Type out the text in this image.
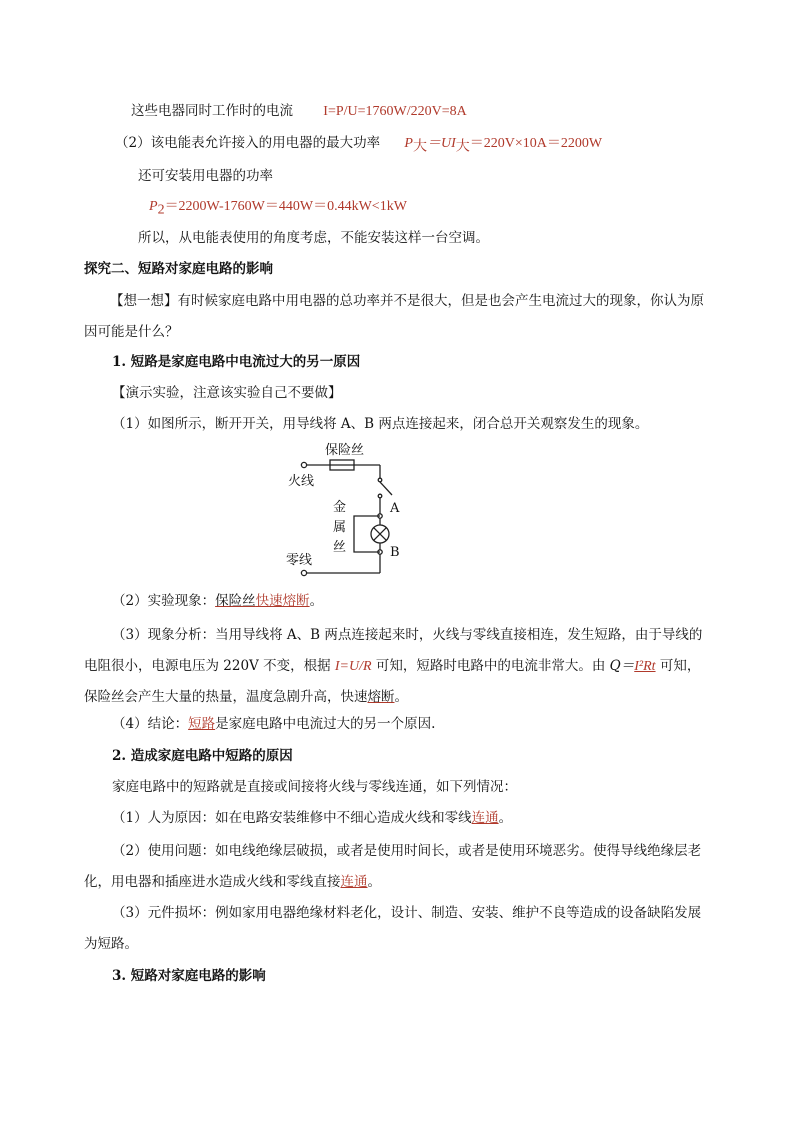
这些电器同时工作时的电流 I=P/U=1760W/220V=8A
（2）该电能表允许接入的用电器的最大功率 $P_大=UI_大=220V\times 10A=2200W$
还可安装用电器的功率
$P_2=2200W-1760W=440W=0.44kW<1kW$
所以，从电能表使用的角度考虑，不能安装这样一台空调。
探究二、短路对家庭电路的影响
【想一想】有时候家庭电路中用电器的总功率并不是很大，但是也会产生电流过大的现象，你认为原因可能是什么？
1. 短路是家庭电路中电流过大的另一原因
【演示实验，注意该实验自己不要做】
（1）如图所示，断开开关，用导线将 A、B 两点连接起来，闭合总开关观察发生的现象。
保险丝
火线
零线
金
属
丝
A
B
（2）实验现象：保险丝快速熔断。
（3）现象分析：当用导线将 A、B 两点连接起来时，火线与零线直接相连，发生短路，由于导线的电阻很小，电源电压为 220V 不变，根据 I=U/R 可知，短路时电路中的电流非常大。由 Q＝I²Rt 可知，保险丝会产生大量的热量，温度急剧升高，快速熔断。
（4）结论：短路是家庭电路中电流过大的另一个原因.
2. 造成家庭电路中短路的原因
家庭电路中的短路就是直接或间接将火线与零线连通，如下列情况：
（1）人为原因：如在电路安装维修中不细心造成火线和零线连通。
（2）使用问题：如电线绝缘层破损，或者是使用时间长，或者是使用环境恶劣。使得导线绝缘层老化，用电器和插座进水造成火线和零线直接连通。
（3）元件损坏：例如家用电器绝缘材料老化，设计、制造、安装、维护不良等造成的设备缺陷发展为短路。
3. 短路对家庭电路的影响
